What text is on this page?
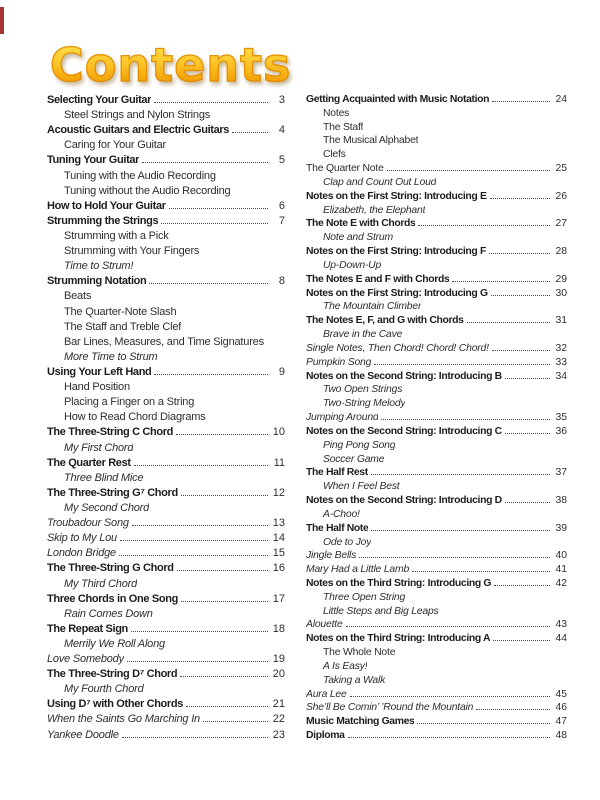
Contents
Selecting Your Guitar	3
Steel Strings and Nylon Strings
Acoustic Guitars and Electric Guitars	4
Caring for Your Guitar
Tuning Your Guitar	5
Tuning with the Audio Recording
Tuning without the Audio Recording
How to Hold Your Guitar	6
Strumming the Strings	7
Strumming with a Pick
Strumming with Your Fingers
Time to Strum!
Strumming Notation	8
Beats
The Quarter-Note Slash
The Staff and Treble Clef
Bar Lines, Measures, and Time Signatures
More Time to Strum
Using Your Left Hand	9
Hand Position
Placing a Finger on a String
How to Read Chord Diagrams
The Three-String C Chord	10
My First Chord
The Quarter Rest	11
Three Blind Mice
The Three-String G⁷ Chord	12
My Second Chord
Troubadour Song	13
Skip to My Lou	14
London Bridge	15
The Three-String G Chord	16
My Third Chord
Three Chords in One Song	17
Rain Comes Down
The Repeat Sign	18
Merrily We Roll Along
Love Somebody	19
The Three-String D⁷ Chord	20
My Fourth Chord
Using D⁷ with Other Chords	21
When the Saints Go Marching In	22
Yankee Doodle	23
Getting Acquainted with Music Notation	24
Notes
The Staff
The Musical Alphabet
Clefs
The Quarter Note	25
Clap and Count Out Loud
Notes on the First String: Introducing E	26
Elizabeth, the Elephant
The Note E with Chords	27
Note and Strum
Notes on the First String: Introducing F	28
Up-Down-Up
The Notes E and F with Chords	29
Notes on the First String: Introducing G	30
The Mountain Climber
The Notes E, F, and G with Chords	31
Brave in the Cave
Single Notes, Then Chord! Chord! Chord!	32
Pumpkin Song	33
Notes on the Second String: Introducing B	34
Two Open Strings
Two-String Melody
Jumping Around	35
Notes on the Second String: Introducing C	36
Ping Pong Song
Soccer Game
The Half Rest	37
When I Feel Best
Notes on the Second String: Introducing D	38
A-Choo!
The Half Note	39
Ode to Joy
Jingle Bells	40
Mary Had a Little Lamb	41
Notes on the Third String: Introducing G	42
Three Open String
Little Steps and Big Leaps
Alouette	43
Notes on the Third String: Introducing A	44
The Whole Note
A Is Easy!
Taking a Walk
Aura Lee	45
She’ll Be Comin’ ’Round the Mountain	46
Music Matching Games	47
Diploma	48
